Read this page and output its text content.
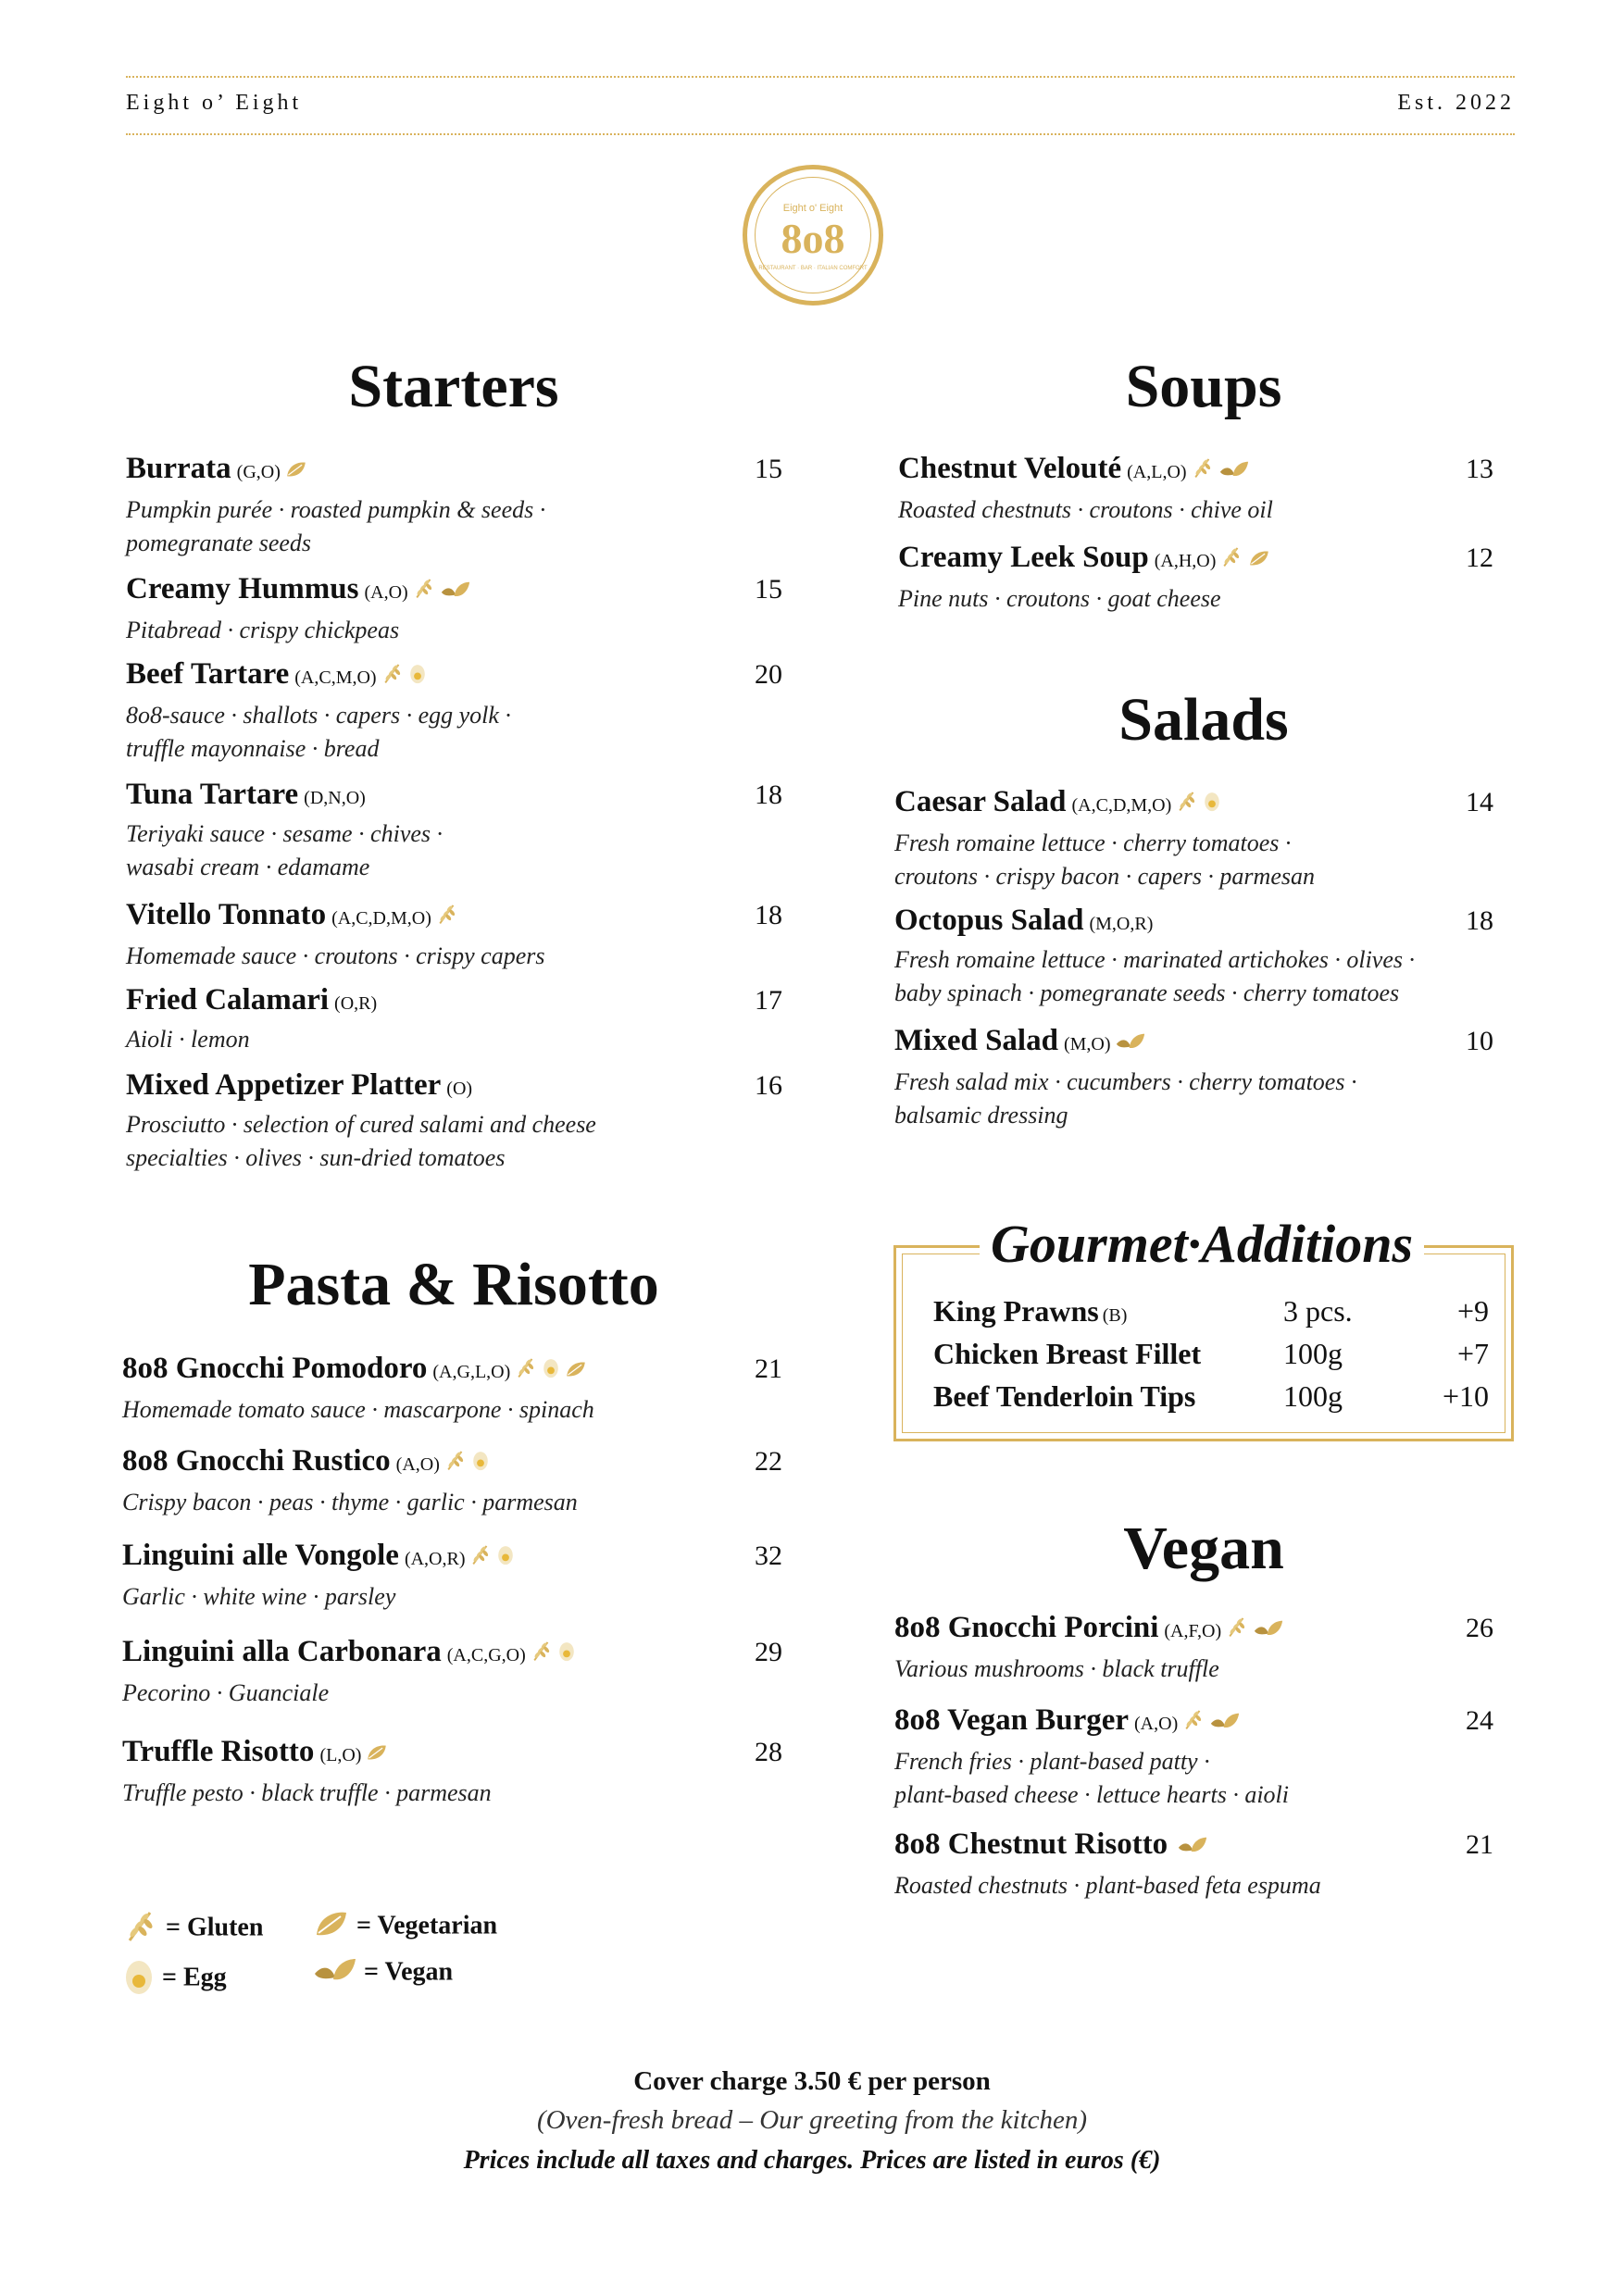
Eight o’ Eight	Est. 2022
Eight o' Eight
8o8
RESTAURANT · BAR · ITALIAN COMFORT
Starters	Soups
Salads
Pasta & Risotto
Vegan
Burrata (G,O)
Pumpkin purée · roasted pumpkin & seeds ·
pomegranate seeds
15
Creamy Hummus (A,O)
Pitabread · crispy chickpeas
15
Beef Tartare (A,C,M,O)
8o8-sauce · shallots · capers · egg yolk ·
truffle mayonnaise · bread
20
Tuna Tartare (D,N,O)
Teriyaki sauce · sesame · chives ·
wasabi cream · edamame
18
Vitello Tonnato (A,C,D,M,O)
Homemade sauce · croutons · crispy capers
18
Fried Calamari (O,R)
Aioli · lemon
17
Mixed Appetizer Platter (O)
Prosciutto · selection of cured salami and cheese
specialties · olives · sun-dried tomatoes
16
8o8 Gnocchi Pomodoro (A,G,L,O)
Homemade tomato sauce · mascarpone · spinach
21
8o8 Gnocchi Rustico (A,O)
Crispy bacon · peas · thyme · garlic · parmesan
22
Linguini alle Vongole (A,O,R)
Garlic · white wine · parsley
32
Linguini alla Carbonara (A,C,G,O)
Pecorino · Guanciale
29
Truffle Risotto (L,O)
Truffle pesto · black truffle · parmesan
28
Chestnut Velouté (A,L,O)
Roasted chestnuts · croutons · chive oil
13
Creamy Leek Soup (A,H,O)
Pine nuts · croutons · goat cheese
12
Caesar Salad (A,C,D,M,O)
Fresh romaine lettuce · cherry tomatoes ·
croutons · crispy bacon · capers · parmesan
14
Octopus Salad (M,O,R)
Fresh romaine lettuce · marinated artichokes · olives ·
baby spinach · pomegranate seeds · cherry tomatoes
18
Mixed Salad (M,O)
Fresh salad mix · cucumbers · cherry tomatoes ·
balsamic dressing
10
8o8 Gnocchi Porcini (A,F,O)
Various mushrooms · black truffle
26
8o8 Vegan Burger (A,O)
French fries · plant-based patty ·
plant-based cheese · lettuce hearts · aioli
24
8o8 Chestnut Risotto
Roasted chestnuts · plant-based feta espuma
21
Gourmet·Additions
King Prawns (B)	3 pcs.	+9
Chicken Breast Fillet	100g	+7
Beef Tenderloin Tips	100g	+10
= Gluten	= Vegetarian
= Egg	= Vegan
Cover charge 3.50 € per person
(Oven-fresh bread – Our greeting from the kitchen)
Prices include all taxes and charges. Prices are listed in euros (€)
